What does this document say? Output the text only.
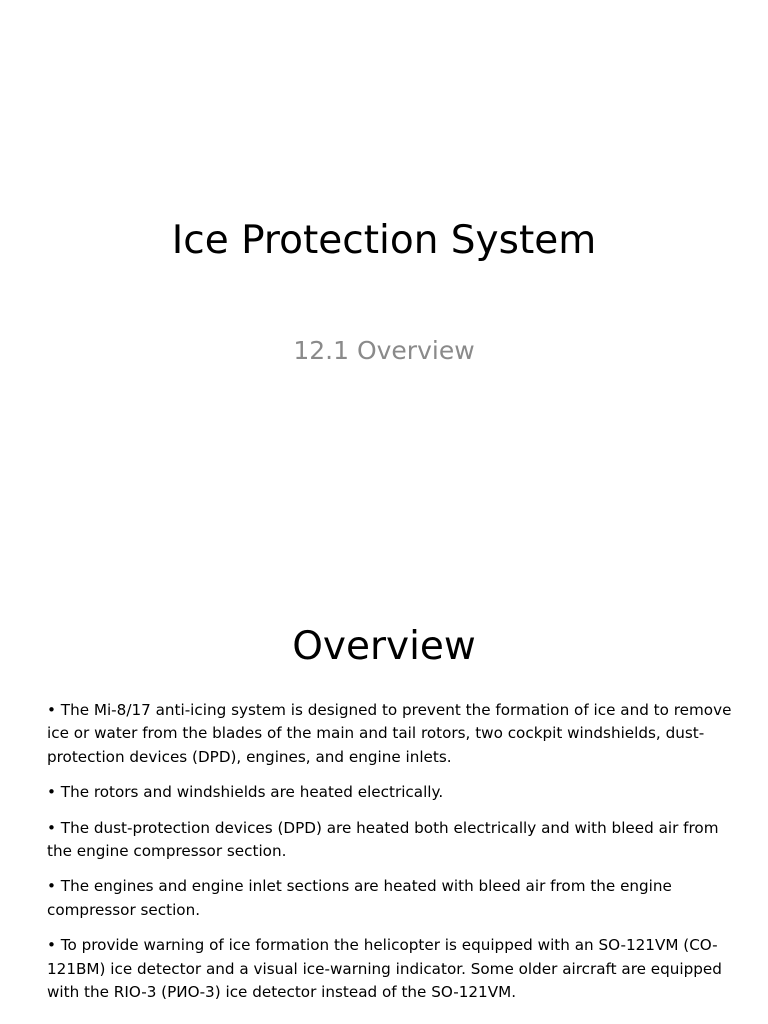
Ice Protection System
12.1 Overview
Overview
• The Mi-8/17 anti-icing system is designed to prevent the formation of ice and to remove ice or water from the blades of the main and tail rotors, two cockpit windshields, dust-protection devices (DPD), engines, and engine inlets.
• The rotors and windshields are heated electrically.
• The dust-protection devices (DPD) are heated both electrically and with bleed air from the engine compressor section.
• The engines and engine inlet sections are heated with bleed air from the engine compressor section.
• To provide warning of ice formation the helicopter is equipped with an SO-121VM (CO-121BM) ice detector and a visual ice-warning indicator. Some older aircraft are equipped with the RIO-3 (РИО-3) ice detector instead of the SO-121VM.
